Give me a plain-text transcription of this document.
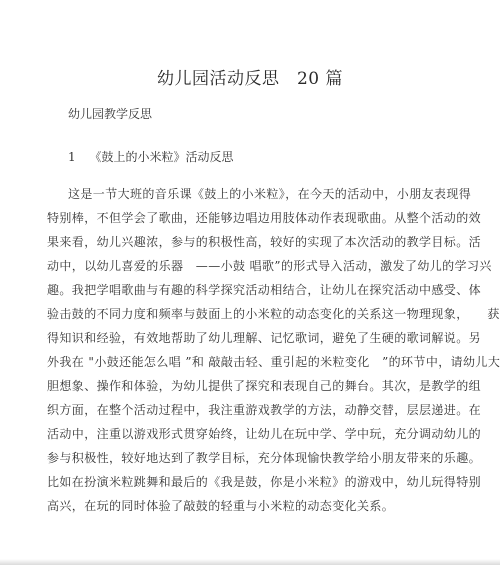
幼儿园活动反思　20 篇
幼儿园教学反思
1 《鼓上的小米粒》活动反思
这是一节大班的音乐课《鼓上的小米粒》，在今天的活动中，小朋友表现得
特别棒，不但学会了歌曲，还能够边唱边用肢体动作表现歌曲。从整个活动的效
果来看，幼儿兴趣浓，参与的积极性高，较好的实现了本次活动的教学目标。活
动中，以幼儿喜爱的乐器　——小鼓 唱歌”的形式导入活动，激发了幼儿的学习兴
趣。我把学唱歌曲与有趣的科学探究活动相结合，让幼儿在探究活动中感受、体
验击鼓的不同力度和频率与鼓面上的小米粒的动态变化的关系这一物理现象，　　获
得知识和经验，有效地帮助了幼儿理解、记忆歌词，避免了生硬的歌词解说。另
外我在 "小鼓还能怎么唱 ”和 敲敲击轻、重引起的米粒变化　”的环节中，请幼儿大
胆想象、操作和体验，为幼儿提供了探究和表现自己的舞台。其次，是教学的组
织方面，在整个活动过程中，我注重游戏教学的方法，动静交替，层层递进。在
活动中，注重以游戏形式贯穿始终，让幼儿在玩中学、学中玩，充分调动幼儿的
参与积极性，较好地达到了教学目标，充分体现愉快教学给小朋友带来的乐趣。
比如在扮演米粒跳舞和最后的《我是鼓，你是小米粒》的游戏中，幼儿玩得特别
高兴，在玩的同时体验了敲鼓的轻重与小米粒的动态变化关系。
